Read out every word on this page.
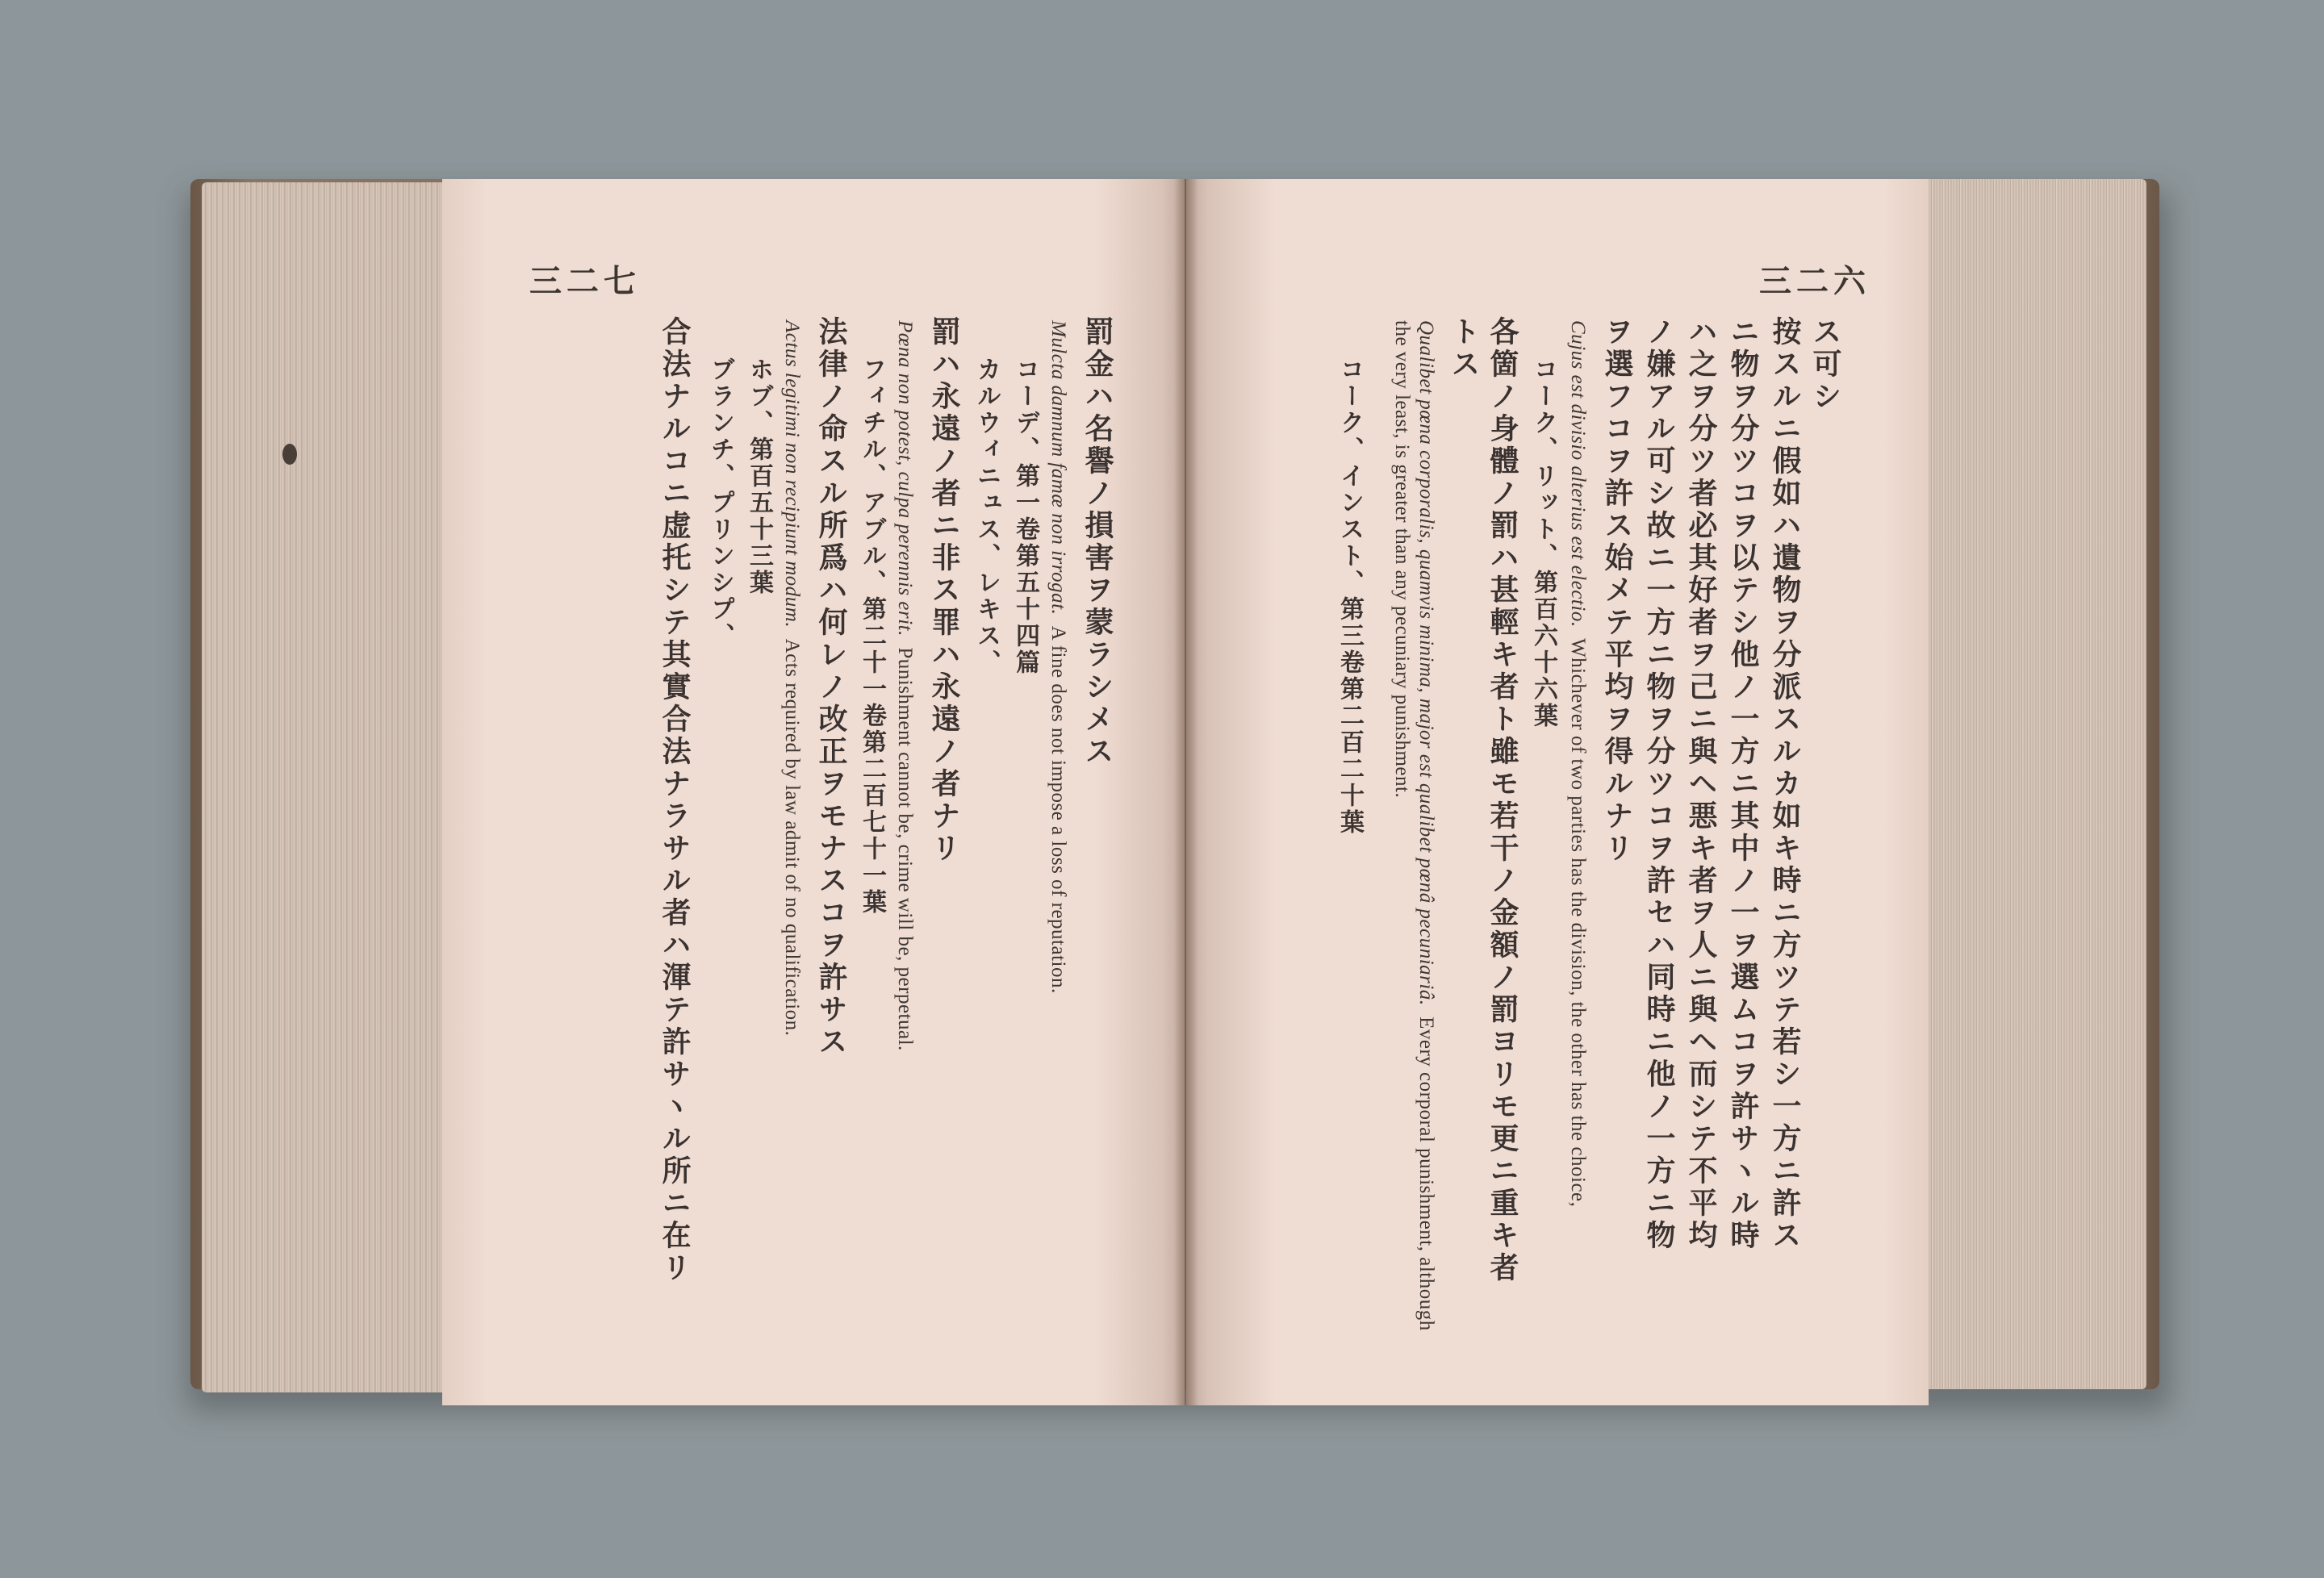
三二七
罰金ハ名譽ノ損害ヲ蒙ラシメス
Mulcta damnum famæ non irrogat.  A fine does not impose a loss of reputation.
コーデ、第一卷第五十四篇
カルウィニュス、レキス、
罰ハ永遠ノ者ニ非ス罪ハ永遠ノ者ナリ
Pœna non potest, culpa perennis erit.  Punishment cannot be, crime will be, perpetual.
フィチル、アブル、第二十一卷第二百七十一葉
法律ノ命スル所爲ハ何レノ改正ヲモナスコヲ許サス
Actus legitimi non recipiunt modum.  Acts required by law admit of no qualification.
ホブ、第百五十三葉
ブランチ、プリンシプ、
合法ナルコニ虚托シテ其實合法ナラサル者ハ渾テ許サヽル所ニ在リ
三二六
ス可シ
按スルニ假如ハ遺物ヲ分派スルカ如キ時ニ方ツテ若シ一方ニ許ス
ニ物ヲ分ツコヲ以テシ他ノ一方ニ其中ノ一ヲ選ムコヲ許サヽル時
ハ之ヲ分ツ者必其好者ヲ己ニ與ヘ悪キ者ヲ人ニ與ヘ而シテ不平均
ノ嫌アル可シ故ニ一方ニ物ヲ分ツコヲ許セハ同時ニ他ノ一方ニ物
ヲ選フコヲ許ス始メテ平均ヲ得ルナリ
Cujus est divisio alterius est electio.  Whichever of two parties has the division, the other has the choice,
コーク、リット、第百六十六葉
各箇ノ身體ノ罰ハ甚輕キ者ト雖モ若干ノ金額ノ罰ヨリモ更ニ重キ者
トス
Qualibet pœna corporalis, quamvis minima, major est qualibet pœnâ pecuniariâ.  Every corporal punishment, although the very least, is greater than any pecuniary punishment.
コーク、インスト、第三卷第二百二十葉
